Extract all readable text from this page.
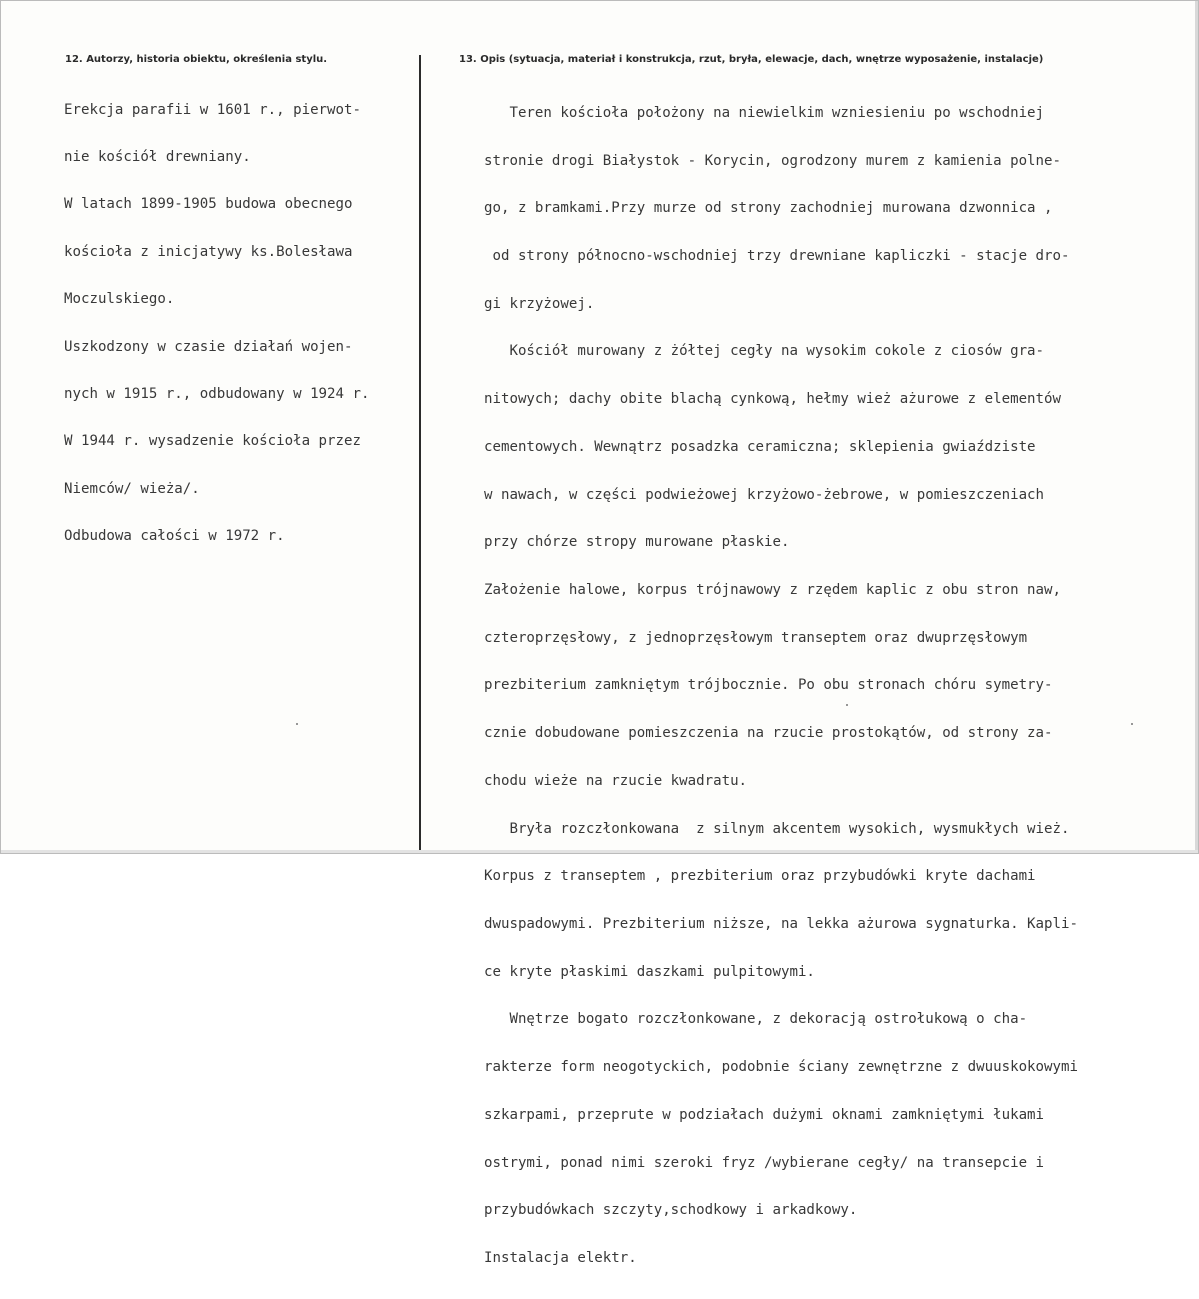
12. Autorzy, historia obiektu, określenia stylu.	13. Opis (sytuacja, materiał i konstrukcja, rzut, bryła, elewacje, dach, wnętrze wyposażenie, instalacje)

Erekcja parafii w 1601 r., pierwot-

nie kościół drewniany.

W latach 1899-1905 budowa obecnego

kościoła z inicjatywy ks.Bolesława

Moczulskiego.

Uszkodzony w czasie działań wojen-

nych w 1915 r., odbudowany w 1924 r.

W 1944 r. wysadzenie kościoła przez

Niemców/ wieża/.

Odbudowa całości w 1972 r.

Teren kościoła położony na niewielkim wzniesieniu po wschodniej

stronie drogi Białystok - Korycin, ogrodzony murem z kamienia polne-

go, z bramkami.Przy murze od strony zachodniej murowana dzwonnica ,

od strony północno-wschodniej trzy drewniane kapliczki - stacje dro-

gi krzyżowej.

Kościół murowany z żółtej cegły na wysokim cokole z ciosów gra-

nitowych; dachy obite blachą cynkową, hełmy wież ażurowe z elementów

cementowych. Wewnątrz posadzka ceramiczna; sklepienia gwiaździste

w nawach, w części podwieżowej krzyżowo-żebrowe, w pomieszczeniach

przy chórze stropy murowane płaskie.

Założenie halowe, korpus trójnawowy z rzędem kaplic z obu stron naw,

czteroprzęsłowy, z jednoprzęsłowym transeptem oraz dwuprzęsłowym

prezbiterium zamkniętym trójbocznie. Po obu stronach chóru symetry-

cznie dobudowane pomieszczenia na rzucie prostokątów, od strony za-

chodu wieże na rzucie kwadratu.

Bryła rozczłonkowana  z silnym akcentem wysokich, wysmukłych wież.

Korpus z transeptem , prezbiterium oraz przybudówki kryte dachami

dwuspadowymi. Prezbiterium niższe, na lekka ażurowa sygnaturka. Kapli-

ce kryte płaskimi daszkami pulpitowymi.

Wnętrze bogato rozczłonkowane, z dekoracją ostrołukową o cha-

rakterze form neogotyckich, podobnie ściany zewnętrzne z dwuuskokowymi

szkarpami, przeprute w podziałach dużymi oknami zamkniętymi łukami

ostrymi, ponad nimi szeroki fryz /wybierane cegły/ na transepcie i

przybudówkach szczyty,schodkowy i arkadkowy.

Instalacja elektr.
